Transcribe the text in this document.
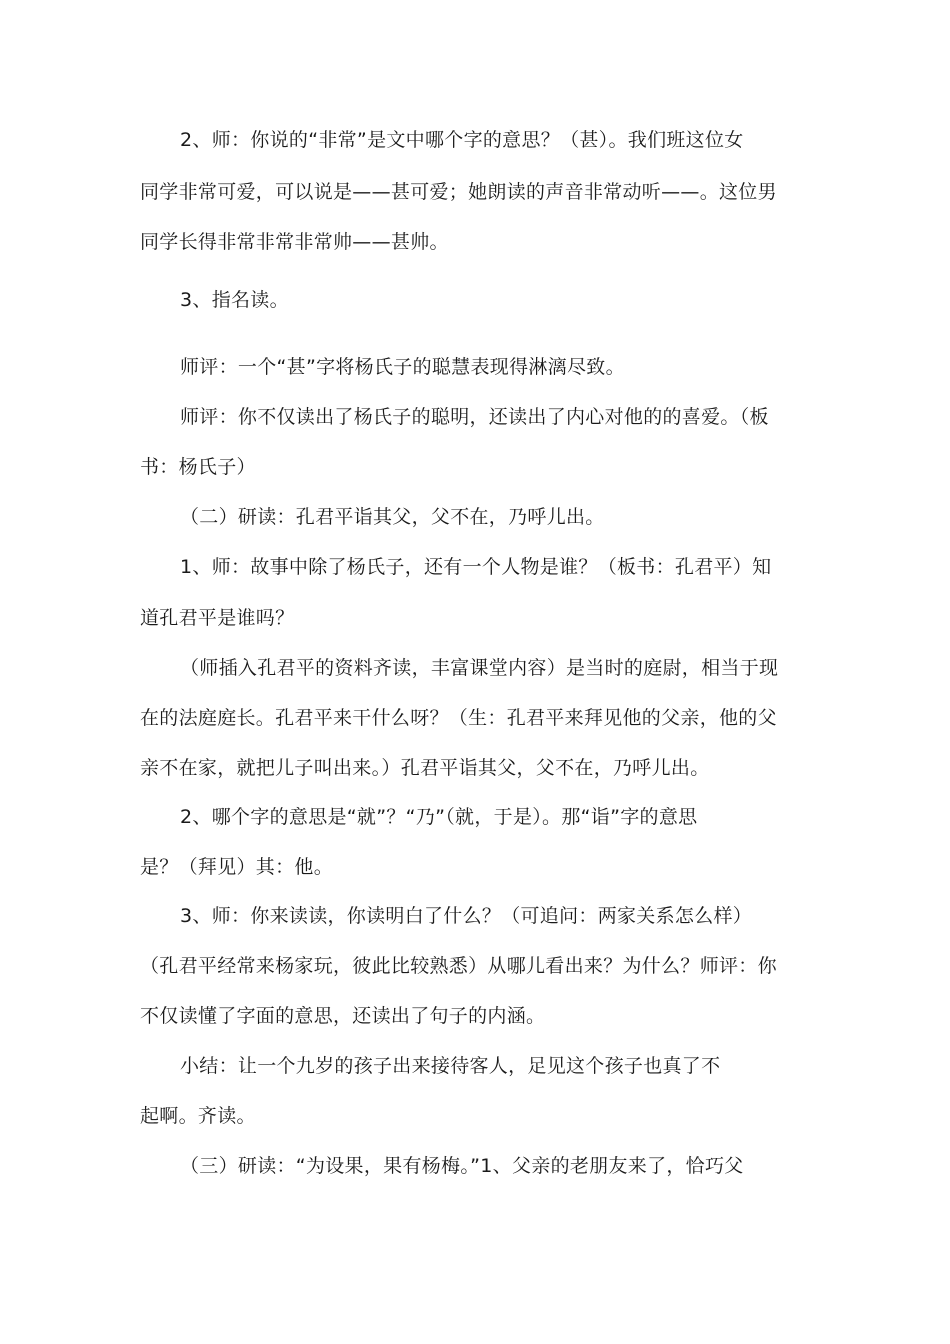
2、师：你说的“非常”是文中哪个字的意思？（甚）。我们班这位女
同学非常可爱，可以说是——甚可爱；她朗读的声音非常动听——。这位男
同学长得非常非常非常帅——甚帅。
3、指名读。
师评：一个“甚”字将杨氏子的聪慧表现得淋漓尽致。
师评：你不仅读出了杨氏子的聪明，还读出了内心对他的的喜爱。（板
书：杨氏子）
（二）研读：孔君平诣其父，父不在，乃呼儿出。
1、师：故事中除了杨氏子，还有一个人物是谁？（板书：孔君平）知
道孔君平是谁吗？
（师插入孔君平的资料齐读，丰富课堂内容）是当时的庭尉，相当于现
在的法庭庭长。孔君平来干什么呀？（生：孔君平来拜见他的父亲，他的父
亲不在家，就把儿子叫出来。）孔君平诣其父，父不在，乃呼儿出。
2、哪个字的意思是“就”？“乃”（就，于是）。那“诣”字的意思
是？（拜见）其：他。
3、师：你来读读，你读明白了什么？（可追问：两家关系怎么样）
（孔君平经常来杨家玩，彼此比较熟悉）从哪儿看出来？为什么？师评：你
不仅读懂了字面的意思，还读出了句子的内涵。
小结：让一个九岁的孩子出来接待客人，足见这个孩子也真了不
起啊。齐读。
（三）研读：“为设果，果有杨梅。”1、父亲的老朋友来了，恰巧父
